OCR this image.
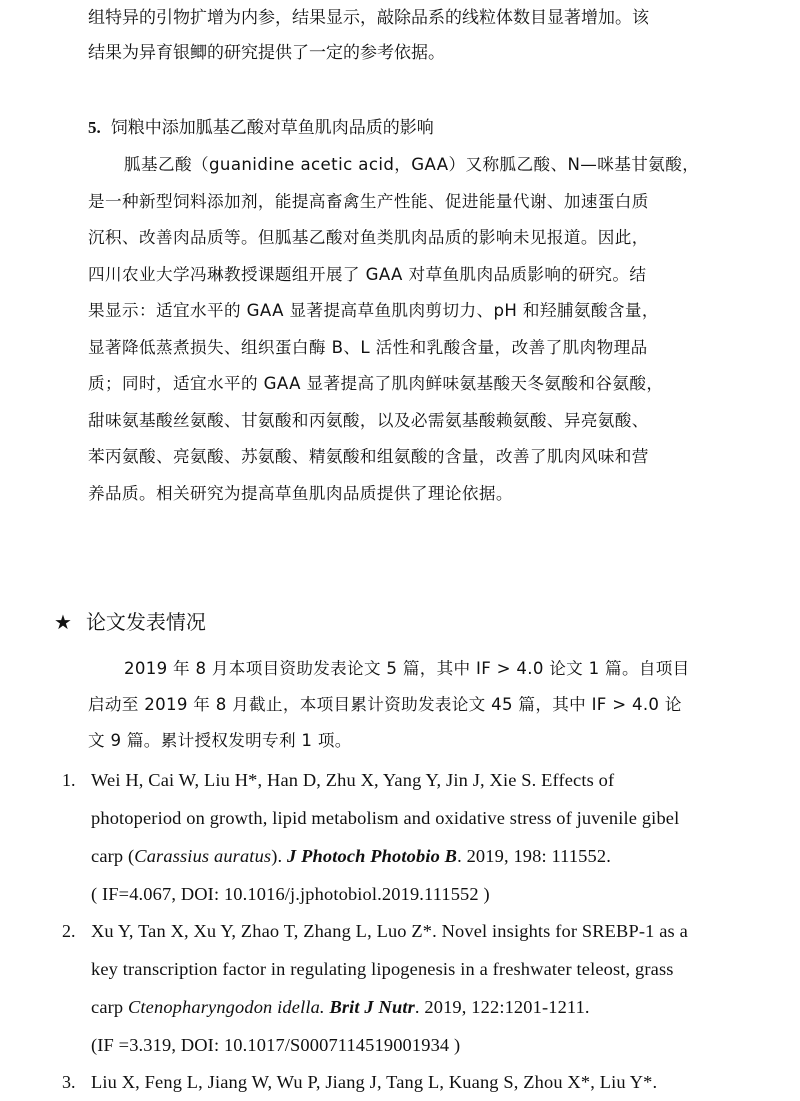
组特异的引物扩增为内参，结果显示，敲除品系的线粒体数目显著增加。该
结果为异育银鲫的研究提供了一定的参考依据。
5. 饲粮中添加胍基乙酸对草鱼肌肉品质的影响
胍基乙酸（guanidine acetic acid，GAA）又称胍乙酸、N—咪基甘氨酸，
是一种新型饲料添加剂，能提高畜禽生产性能、促进能量代谢、加速蛋白质
沉积、改善肉品质等。但胍基乙酸对鱼类肌肉品质的影响未见报道。因此，
四川农业大学冯琳教授课题组开展了 GAA 对草鱼肌肉品质影响的研究。结
果显示：适宜水平的 GAA 显著提高草鱼肌肉剪切力、pH 和羟脯氨酸含量，
显著降低蒸煮损失、组织蛋白酶 B、L 活性和乳酸含量，改善了肌肉物理品
质；同时，适宜水平的 GAA 显著提高了肌肉鲜味氨基酸天冬氨酸和谷氨酸，
甜味氨基酸丝氨酸、甘氨酸和丙氨酸，以及必需氨基酸赖氨酸、异亮氨酸、
苯丙氨酸、亮氨酸、苏氨酸、精氨酸和组氨酸的含量，改善了肌肉风味和营
养品质。相关研究为提高草鱼肌肉品质提供了理论依据。
★ 论文发表情况
2019 年 8 月本项目资助发表论文 5 篇，其中 IF > 4.0 论文 1 篇。自项目
启动至 2019 年 8 月截止，本项目累计资助发表论文 45 篇，其中 IF > 4.0 论
文 9 篇。累计授权发明专利 1 项。
1. Wei H, Cai W, Liu H*, Han D, Zhu X, Yang Y, Jin J, Xie S. Effects of
photoperiod on growth, lipid metabolism and oxidative stress of juvenile gibel
carp (Carassius auratus). J Photoch Photobio B. 2019, 198: 111552.
( IF=4.067, DOI: 10.1016/j.jphotobiol.2019.111552 )
2. Xu Y, Tan X, Xu Y, Zhao T, Zhang L, Luo Z*. Novel insights for SREBP-1 as a
key transcription factor in regulating lipogenesis in a freshwater teleost, grass
carp Ctenopharyngodon idella. Brit J Nutr. 2019, 122:1201-1211.
(IF =3.319, DOI: 10.1017/S0007114519001934 )
3. Liu X, Feng L, Jiang W, Wu P, Jiang J, Tang L, Kuang S, Zhou X*, Liu Y*.
